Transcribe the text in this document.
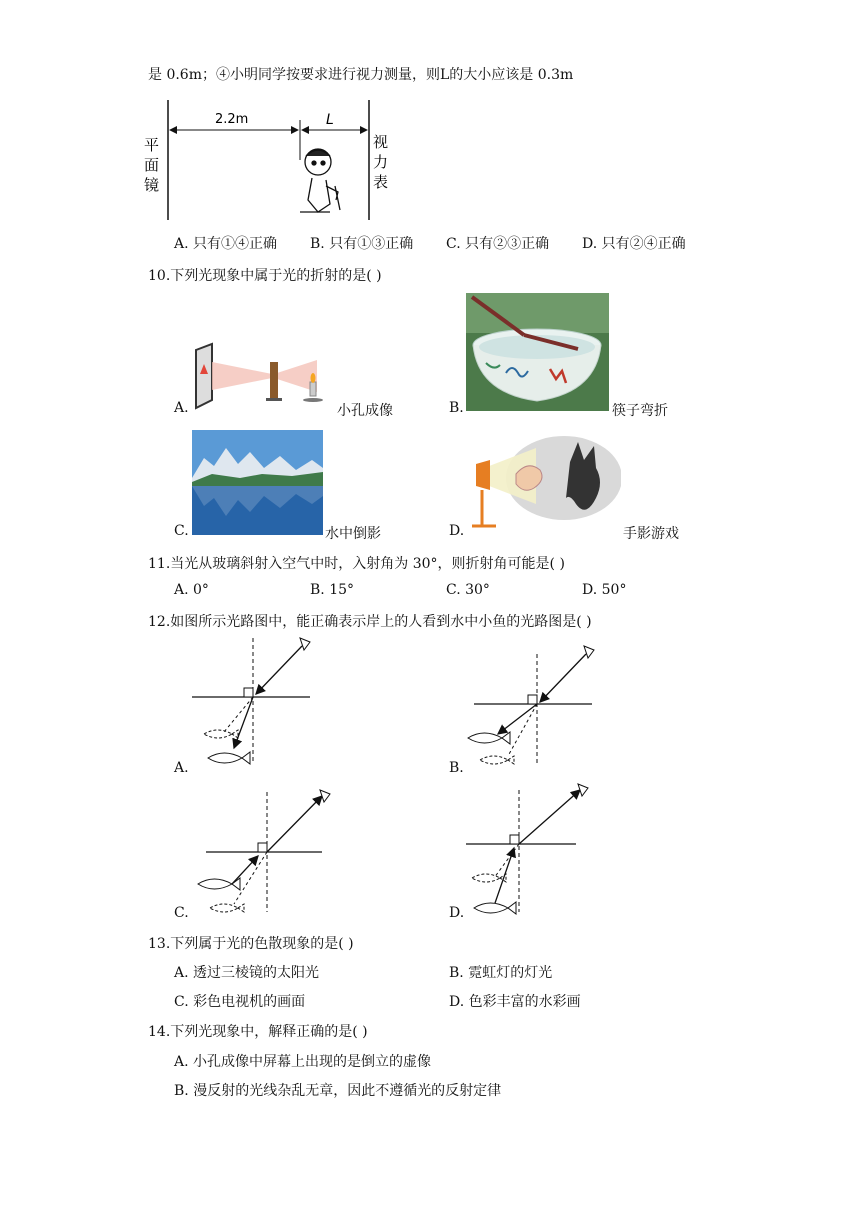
是 0.6m；④小明同学按要求进行视力测量，则L的大小应该是 0.3m
2.2m	L
平
面
镜
视
力
表
A. 只有①④正确 B. 只有①③正确 C. 只有②③正确 D. 只有②④正确
10.下列光现象中属于光的折射的是( )
A.	小孔成像	B.	筷子弯折
C.	水中倒影	D.	手影游戏
11.当光从玻璃斜射入空气中时，入射角为 30°，则折射角可能是( )
A. 0°	B. 15°	C. 30°	D. 50°
12.如图所示光路图中，能正确表示岸上的人看到水中小鱼的光路图是( )
A.	B.
C.	D.
13.下列属于光的色散现象的是( )
A. 透过三棱镜的太阳光	B. 霓虹灯的灯光
C. 彩色电视机的画面	D. 色彩丰富的水彩画
14.下列光现象中，解释正确的是( )
A. 小孔成像中屏幕上出现的是倒立的虚像
B. 漫反射的光线杂乱无章，因此不遵循光的反射定律
